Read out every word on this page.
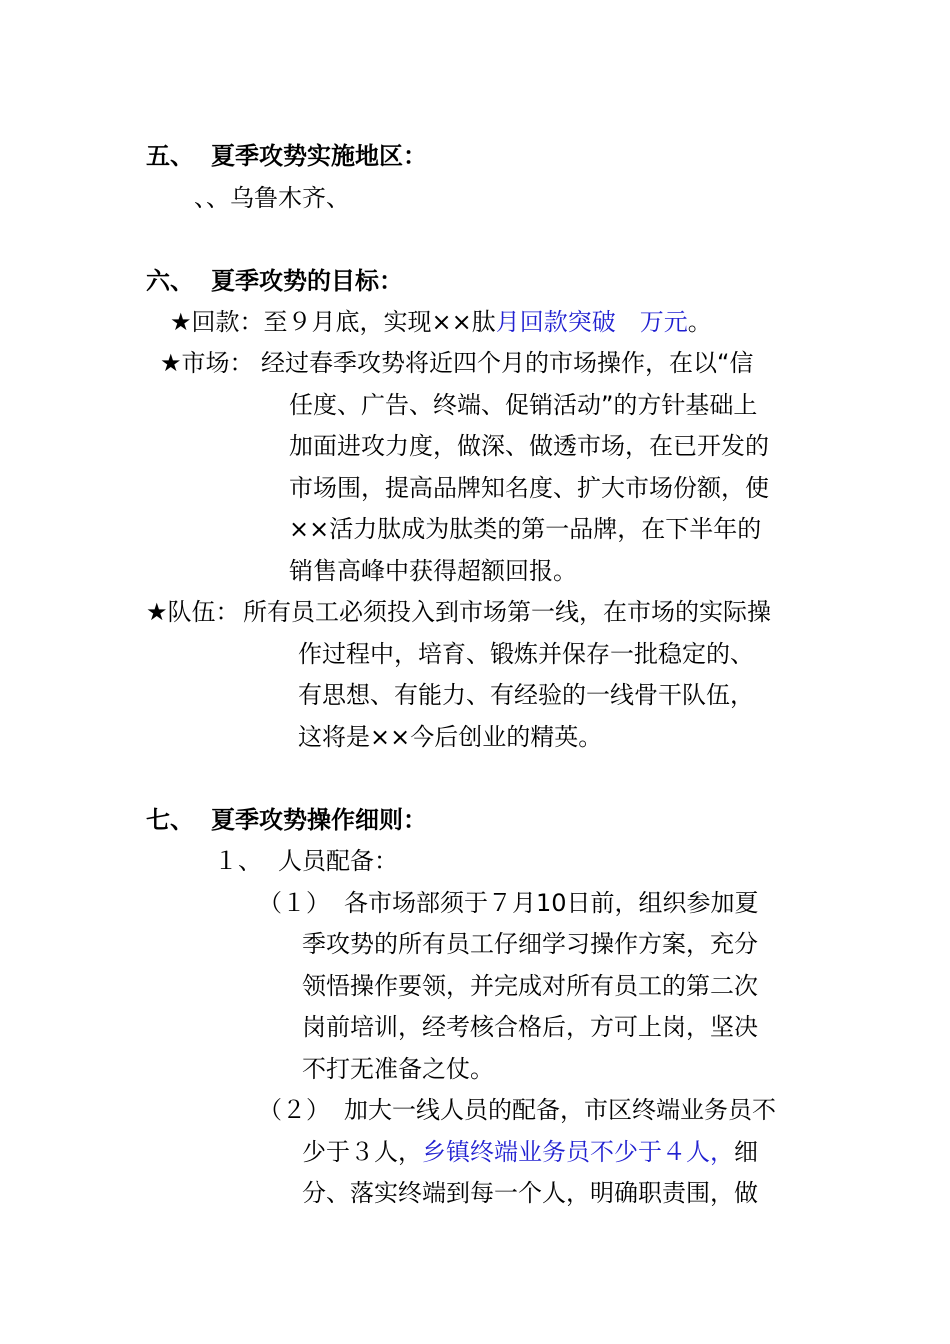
五、 夏季攻势实施地区：
、、乌鲁木齐、
六、 夏季攻势的目标：
★回款：至９月底，实现××肽月回款突破　万元。
★市场： 经过春季攻势将近四个月的市场操作，在以“信
任度、广告、终端、促销活动”的方针基础上
加面进攻力度，做深、做透市场，在已开发的
市场围，提高品牌知名度、扩大市场份额，使
××活力肽成为肽类的第一品牌，在下半年的
销售高峰中获得超额回报。
★队伍： 所有员工必须投入到市场第一线，在市场的实际操
作过程中，培育、锻炼并保存一批稳定的、
有思想、有能力、有经验的一线骨干队伍，
这将是××今后创业的精英。
七、 夏季攻势操作细则：
１、 人员配备：
（１） 各市场部须于７月10日前，组织参加夏
季攻势的所有员工仔细学习操作方案，充分
领悟操作要领，并完成对所有员工的第二次
岗前培训，经考核合格后，方可上岗，坚决
不打无准备之仗。
（２） 加大一线人员的配备，市区终端业务员不
少于３人，乡镇终端业务员不少于４人，细
分、落实终端到每一个人，明确职责围，做
